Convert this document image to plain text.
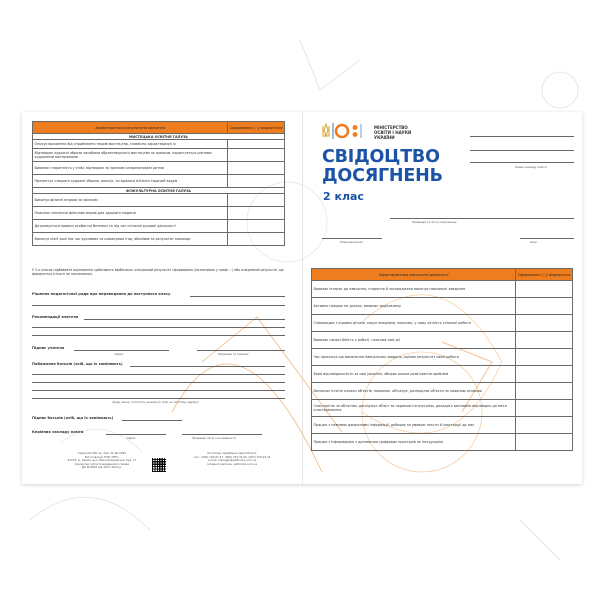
Характеристика результатів навчання	Сформовано (✓)/ формується
МИСТЕЦЬКА ОСВІТНЯ ГАЛУЗЬ	
Описує враження від сприймання творів мистецтва, словесно характеризує їх	
Відтворює художні образи засобами образотворчого мистецтва за зразком, користується різними художніми матеріалами	
Виявляє старанність у співі, відтворює за зразком запропоновані ритми	
Презентує створені художні образи, описує, чи вдалося втілити творчий задум	
ФІЗКУЛЬТУРНА ОСВІТНЯ ГАЛУЗЬ	
Виконує фізичні вправи за зразком	
Пояснює значення фізичних вправ для здоров'я людини	
Дотримується правил особистої безпеки та під час спільної рухової діяльності	
Виконує різні ролі під час рухливих та командних ігор, вболіває за результат команди	
У 2-х класах підбиваєте оцінювання здійснюють вербально: очікуваний результат сформовано (позначаємо у графі ✓) або очікуваний результат ще формується (нічого не позначаємо).
Рішення педагогічної ради про переведення до наступного класу
Рекомендації вчителя
Підпис учителя
підпис	Прізвище та ініціали
Побажання батьків (осіб, що їх замінюють)
(будь ласка, оголосіть на вимогу осіб, на постійну адресу)
Підпис батьків (осіб, що їх замінюють)
Керівник закладу освіти
підпис	Прізвище (Ім'я) (за наявності)
Термін № 000 пр. Зам. 21-00-0494
Виготовлено ТОВ «ПЕТ»
61079, м. Харків, вул. Максимілянівська, буд. 17
Свідоцтво суб'єкта видавничої справи
ДК № 6667 від 18.07.2019 р.
За питань придбання звертайтеся:
тел.: (050) 105-87-57, (068) 703-33-00, (063) 729-03-34
e-mail: manager@petbooks.com.ua
Інтернет-магазин: petbooks.com.ua
МІНІСТЕРСТВО
ОСВІТИ І НАУКИ
УКРАЇНИ
СВІДОЦТВО
ДОСЯГНЕНЬ
2 клас
Назва закладу освіти
Прізвище та ім'я учня/учениці
Навчальний рік	Клас
Характеристика навчальної діяльності	Сформовано (✓)/ формується
Виявляє інтерес до навчання, старанно й зосереджено виконує навчальні завдання	
Активно працює на уроках, виявляє зацікавлену	
Співпрацює з іншими дітьми, керує емоціями, пояснює, у чому цінність спільної роботи	
Виявляє самостійність у роботі, пояснює свої дії	
Час прописує що виконання навчальних завдань, оцінює результат своєї роботи	
Бере відповідальність за свої рішення, обирає шляхи розв'язання проблем	
Визначає істотні ознаки об'єктів, порівнює, об'єднує, розподіляє об'єкти за поданою ознакою	
Спостерігає за об'єктом, досліджує об'єкт за поданою інструкцією, доходить висновків відповідно до мети спостереження	
Працює з певними джерелами інформації, добирає за умовою тексти й ілюстрації до них	
Працює з інформацією з допомогою цифрових пристроїв за інструкцією	
